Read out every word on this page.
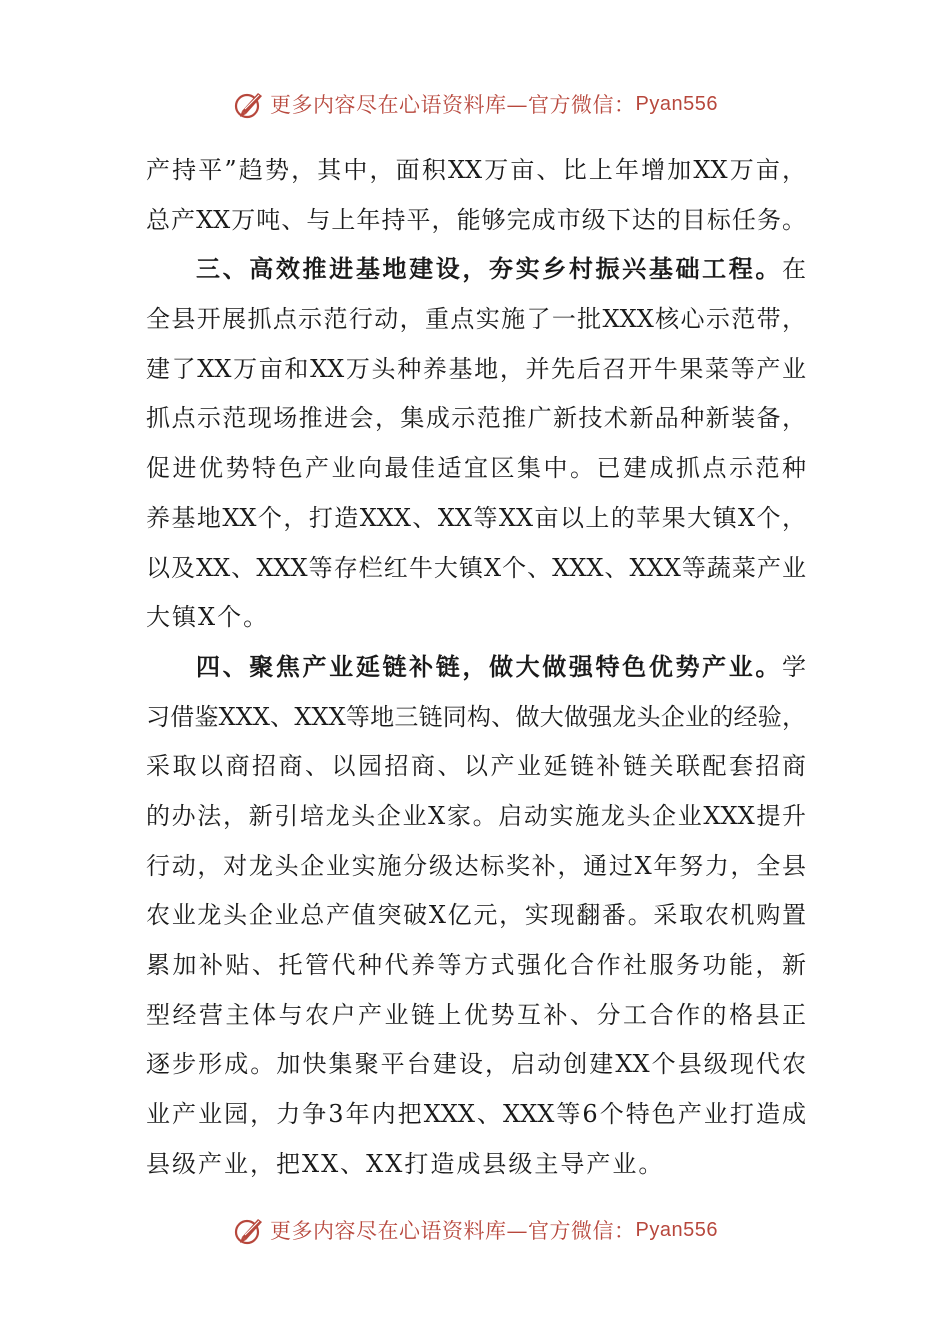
更多内容尽在心语资料库—官方微信： Pyan556
产持平”趋势，其中，面积XX万亩、比上年增加XX万亩，
总产XX万吨、与上年持平，能够完成市级下达的目标任务。
三、高效推进基地建设，夯实乡村振兴基础工程。在
全县开展抓点示范行动，重点实施了一批XXX核心示范带，
建了XX万亩和XX万头种养基地，并先后召开牛果菜等产业
抓点示范现场推进会，集成示范推广新技术新品种新装备，
促进优势特色产业向最佳适宜区集中。已建成抓点示范种
养基地XX个，打造XXX、XX等XX亩以上的苹果大镇X个，
以及XX、XXX等存栏红牛大镇X个、XXX、XXX等蔬菜产业
大镇X个。
四、聚焦产业延链补链，做大做强特色优势产业。学
习借鉴XXX、XXX等地三链同构、做大做强龙头企业的经验，
采取以商招商、以园招商、以产业延链补链关联配套招商
的办法，新引培龙头企业X家。启动实施龙头企业XXX提升
行动，对龙头企业实施分级达标奖补，通过X年努力，全县
农业龙头企业总产值突破X亿元，实现翻番。采取农机购置
累加补贴、托管代种代养等方式强化合作社服务功能，新
型经营主体与农户产业链上优势互补、分工合作的格县正
逐步形成。加快集聚平台建设，启动创建XX个县级现代农
业产业园，力争3年内把XXX、XXX等6个特色产业打造成
县级产业，把XX、XX打造成县级主导产业。
更多内容尽在心语资料库—官方微信： Pyan556
